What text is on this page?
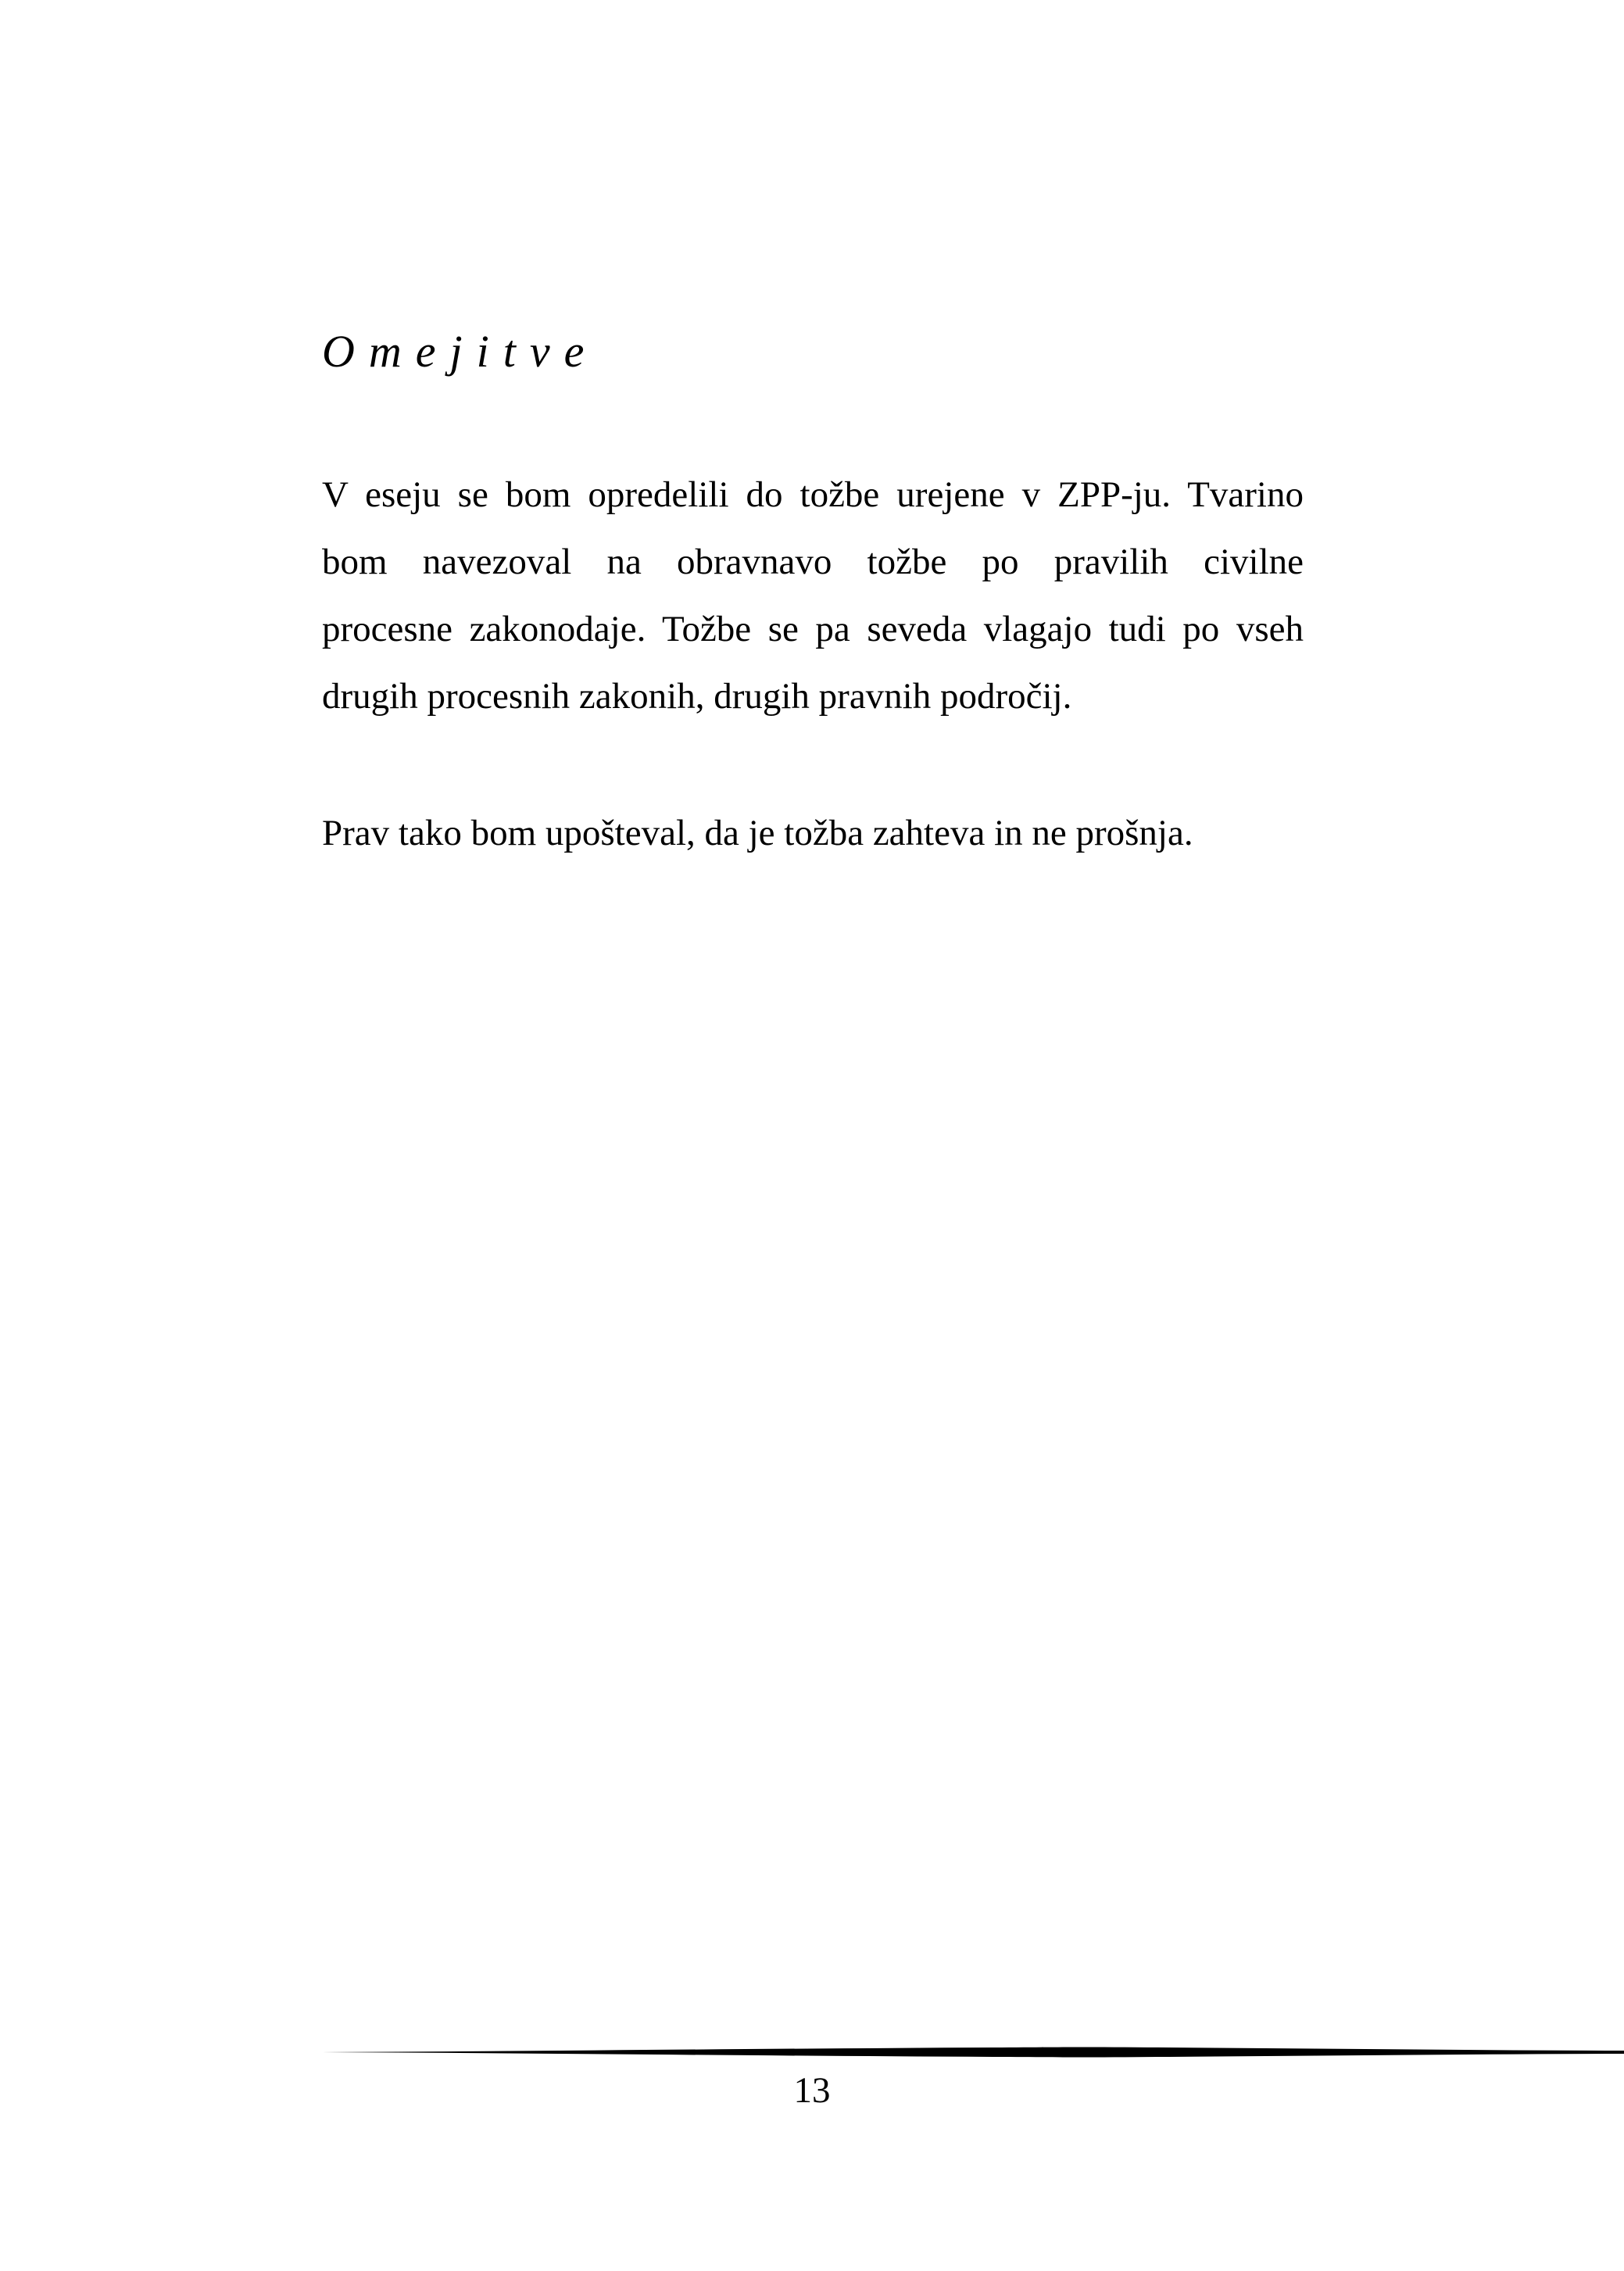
Omejitve

V eseju se bom opredelili do tožbe urejene v ZPP-ju. Tvarino
bom navezoval na obravnavo tožbe po pravilih civilne
procesne zakonodaje. Tožbe se pa seveda vlagajo tudi po vseh
drugih procesnih zakonih, drugih pravnih področij.

Prav tako bom upošteval, da je tožba zahteva in ne prošnja.

13
